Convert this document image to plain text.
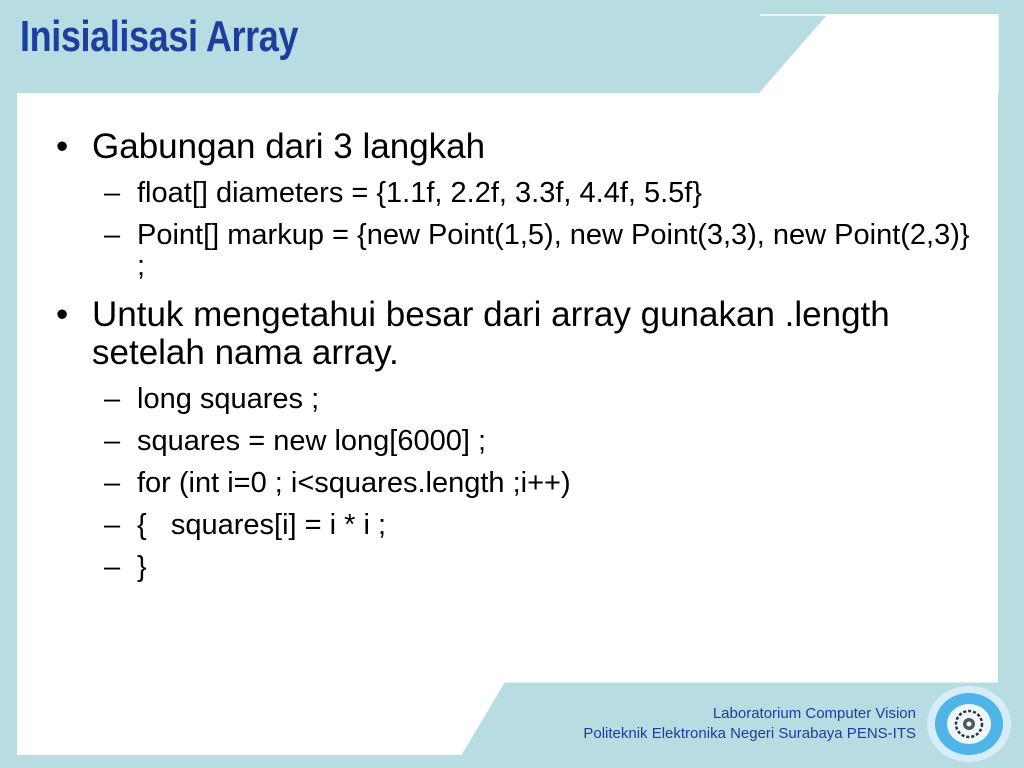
Inisialisasi Array
• Gabungan dari 3 langkah
– float[] diameters = {1.1f, 2.2f, 3.3f, 4.4f, 5.5f}
– Point[] markup = {new Point(1,5), new Point(3,3), new Point(2,3)} ;
• Untuk mengetahui besar dari array gunakan .length setelah nama array.
– long squares ;
– squares = new long[6000] ;
– for (int i=0 ; i<squares.length ;i++)
– {   squares[i] = i * i ;
– }
Laboratorium Computer Vision
Politeknik Elektronika Negeri Surabaya PENS-ITS
